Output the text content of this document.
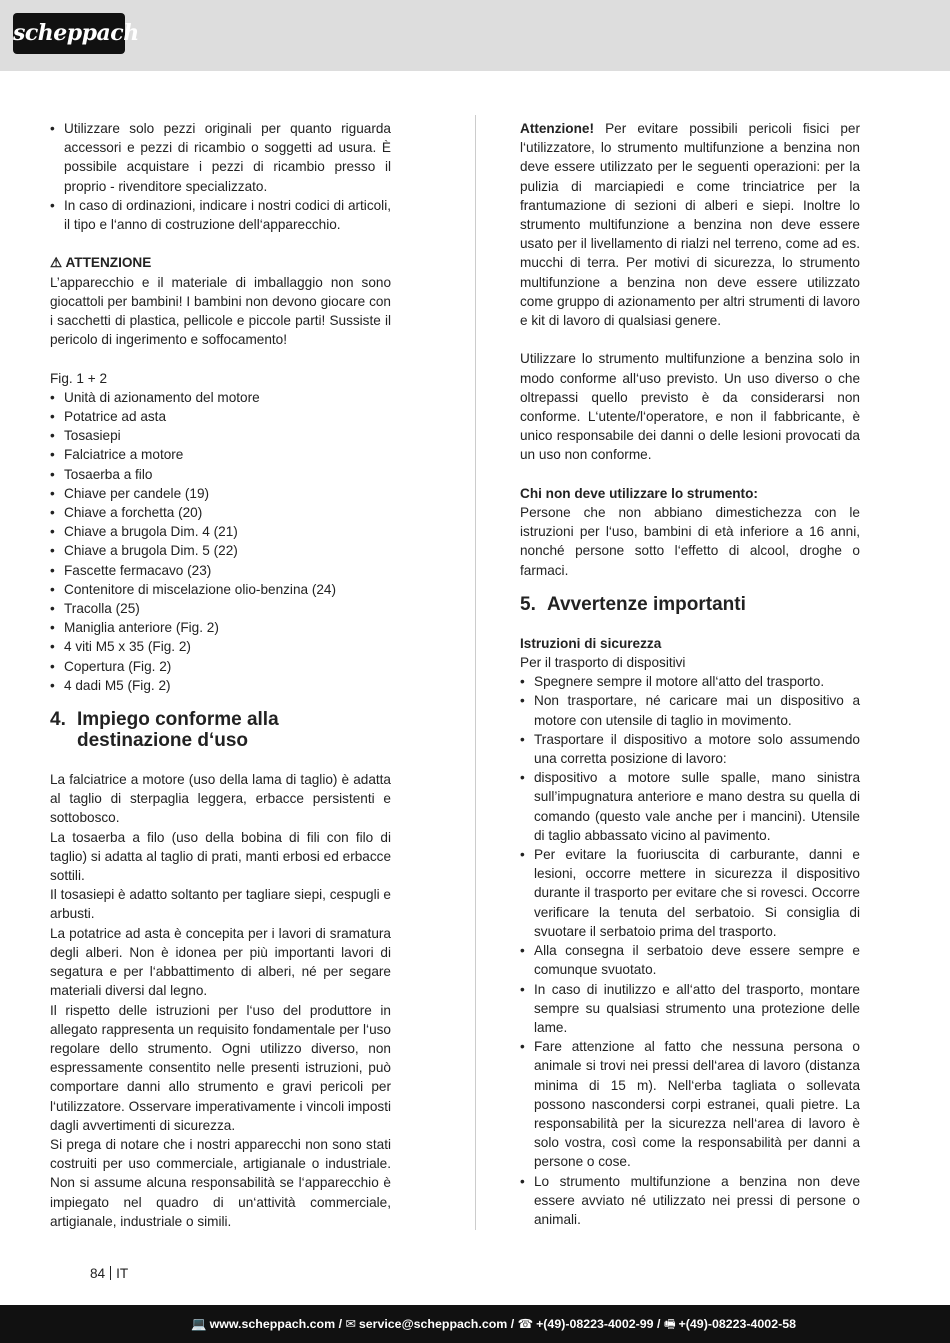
scheppach
• Utilizzare solo pezzi originali per quanto riguarda accessori e pezzi di ricambio o soggetti ad usura. È possibile acquistare i pezzi di ricambio presso il proprio - rivenditore specializzato.
• In caso di ordinazioni, indicare i nostri codici di articoli, il tipo e l‘anno di costruzione dell‘apparecchio.
⚠ ATTENZIONE

L’apparecchio e il materiale di imballaggio non sono giocattoli per bambini! I bambini non devono giocare con i sacchetti di plastica, pellicole e piccole parti! Sussiste il pericolo di ingerimento e soffocamento!

Fig. 1 + 2
• Unità di azionamento del motore
• Potatrice ad asta
• Tosasiepi
• Falciatrice a motore
• Tosaerba a filo
• Chiave per candele (19)
• Chiave a forchetta (20)
• Chiave a brugola Dim. 4 (21)
• Chiave a brugola Dim. 5 (22)
• Fascette fermacavo (23)
• Contenitore di miscelazione olio-benzina (24)
• Tracolla (25)
• Maniglia anteriore (Fig. 2)
• 4 viti M5 x 35 (Fig. 2)
• Copertura (Fig. 2)
• 4 dadi M5 (Fig. 2)
4. Impiego conforme alla destinazione d‘uso

La falciatrice a motore (uso della lama di taglio) è adatta al taglio di sterpaglia leggera, erbacce persistenti e sottobosco.

La tosaerba a filo (uso della bobina di fili con filo di taglio) si adatta al taglio di prati, manti erbosi ed erbacce sottili.

Il tosasiepi è adatto soltanto per tagliare siepi, cespugli e arbusti.

La potatrice ad asta è concepita per i lavori di sramatura degli alberi. Non è idonea per più importanti lavori di segatura e per l‘abbattimento di alberi, né per segare materiali diversi dal legno.

Il rispetto delle istruzioni per l‘uso del produttore in allegato rappresenta un requisito fondamentale per l‘uso regolare dello strumento. Ogni utilizzo diverso, non espressamente consentito nelle presenti istruzioni, può comportare danni allo strumento e gravi pericoli per l‘utilizzatore. Osservare imperativamente i vincoli imposti dagli avvertimenti di sicurezza.

Si prega di notare che i nostri apparecchi non sono stati costruiti per uso commerciale, artigianale o industriale. Non si assume alcuna responsabilità se l‘apparecchio è impiegato nel quadro di un‘attività commerciale, artigianale, industriale o simili.

Attenzione! Per evitare possibili pericoli fisici per l‘utilizzatore, lo strumento multifunzione a benzina non deve essere utilizzato per le seguenti operazioni: per la pulizia di marciapiedi e come trinciatrice per la frantumazione di sezioni di alberi e siepi. Inoltre lo strumento multifunzione a benzina non deve essere usato per il livellamento di rialzi nel terreno, come ad es. mucchi di terra. Per motivi di sicurezza, lo strumento multifunzione a benzina non deve essere utilizzato come gruppo di azionamento per altri strumenti di lavoro e kit di lavoro di qualsiasi genere.

Utilizzare lo strumento multifunzione a benzina solo in modo conforme all‘uso previsto. Un uso diverso o che oltrepassi quello previsto è da considerarsi non conforme. L‘utente/l‘operatore, e non il fabbricante, è unico responsabile dei danni o delle lesioni provocati da un uso non conforme.

Chi non deve utilizzare lo strumento:

Persone che non abbiano dimestichezza con le istruzioni per l‘uso, bambini di età inferiore a 16 anni, nonché persone sotto l‘effetto di alcool, droghe o farmaci.

5. Avvertenze importanti
Istruzioni di sicurezza
Per il trasporto di dispositivi
• Spegnere sempre il motore all‘atto del trasporto.
• Non trasportare, né caricare mai un dispositivo a motore con utensile di taglio in movimento.
• Trasportare il dispositivo a motore solo assumendo una corretta posizione di lavoro:
• dispositivo a motore sulle spalle, mano sinistra sull’impugnatura anteriore e mano destra su quella di comando (questo vale anche per i mancini). Utensile di taglio abbassato vicino al pavimento.
• Per evitare la fuoriuscita di carburante, danni e lesioni, occorre mettere in sicurezza il dispositivo durante il trasporto per evitare che si rovesci. Occorre verificare la tenuta del serbatoio. Si consiglia di svuotare il serbatoio prima del trasporto.
• Alla consegna il serbatoio deve essere sempre e comunque svuotato.
• In caso di inutilizzo e all‘atto del trasporto, montare sempre su qualsiasi strumento una protezione delle lame.
• Fare attenzione al fatto che nessuna persona o animale si trovi nei pressi dell‘area di lavoro (distanza minima di 15 m). Nell‘erba tagliata o sollevata possono nascondersi corpi estranei, quali pietre. La responsabilità per la sicurezza nell‘area di lavoro è solo vostra, così come la responsabilità per danni a persone o cose.
• Lo strumento multifunzione a benzina non deve essere avviato né utilizzato nei pressi di persone o animali.
84 IT
💻 www.scheppach.com / ✉ service@scheppach.com / ☎ +(49)-08223-4002-99 / 🖷 +(49)-08223-4002-58
